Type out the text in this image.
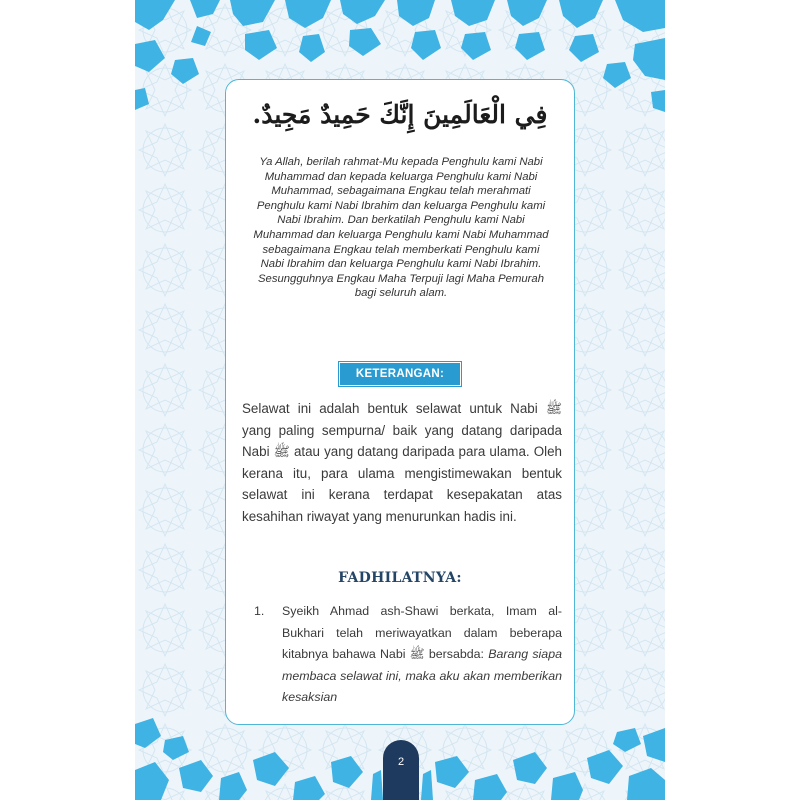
فِي الْعَالَمِينَ إِنَّكَ حَمِيدٌ مَجِيدٌ.

Ya Allah, berilah rahmat-Mu kepada Penghulu kami Nabi Muhammad dan kepada keluarga Penghulu kami Nabi Muhammad, sebagaimana Engkau telah merahmati Penghulu kami Nabi Ibrahim dan keluarga Penghulu kami Nabi Ibrahim. Dan berkatilah Penghulu kami Nabi Muhammad dan keluarga Penghulu kami Nabi Muhammad sebagaimana Engkau telah memberkati Penghulu kami Nabi Ibrahim dan keluarga Penghulu kami Nabi Ibrahim. Sesungguhnya Engkau Maha Terpuji lagi Maha Pemurah bagi seluruh alam.

KETERANGAN:

Selawat ini adalah bentuk selawat untuk Nabi ﷺ yang paling sempurna/ baik yang datang daripada Nabi ﷺ atau yang datang daripada para ulama. Oleh kerana itu, para ulama mengistimewakan bentuk selawat ini kerana terdapat kesepakatan atas kesahihan riwayat yang menurunkan hadis ini.

FADHILATNYA:
1. Syeikh Ahmad ash-Shawi berkata, Imam al-Bukhari telah meriwayatkan dalam beberapa kitabnya bahawa Nabi ﷺ bersabda: Barang siapa membaca selawat ini, maka aku akan memberikan kesaksian
2
